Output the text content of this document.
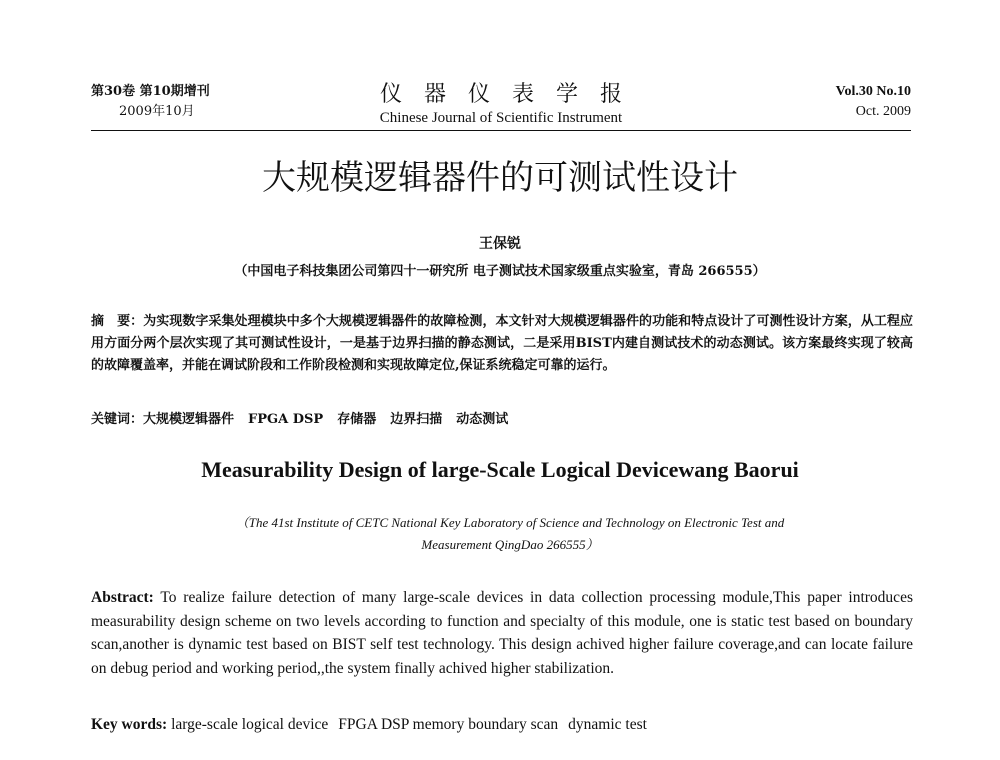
第30卷 第10期增刊
2009年10月
仪器仪表学报
Chinese Journal of Scientific Instrument
Vol.30 No.10
Oct. 2009
大规模逻辑器件的可测试性设计
王保锐
（中国电子科技集团公司第四十一研究所 电子测试技术国家级重点实验室，青岛 266555）
摘　要：为实现数字采集处理模块中多个大规模逻辑器件的故障检测，本文针对大规模逻辑器件的功能和特点设计了可测性设计方案，从工程应用方面分两个层次实现了其可测试性设计，一是基于边界扫描的静态测试，二是采用BIST内建自测试技术的动态测试。该方案最终实现了较高的故障覆盖率，并能在调试阶段和工作阶段检测和实现故障定位,保证系统稳定可靠的运行。
关键词：大规模逻辑器件 FPGA DSP 存储器 边界扫描 动态测试
Measurability Design of large-Scale Logical Devicewang Baorui
（The 41st Institute of CETC National Key Laboratory of Science and Technology on Electronic Test and Measurement QingDao 266555）
Abstract: To realize failure detection of many large-scale devices in data collection processing module,This paper introduces measurability design scheme on two levels according to function and specialty of this module, one is static test based on boundary scan,another is dynamic test based on BIST self test technology. This design achived higher failure coverage,and can locate failure on debug period and working period,,the system finally achived higher stabilization.
Key words: large-scale logical device FPGA DSP memory boundary scan dynamic test
